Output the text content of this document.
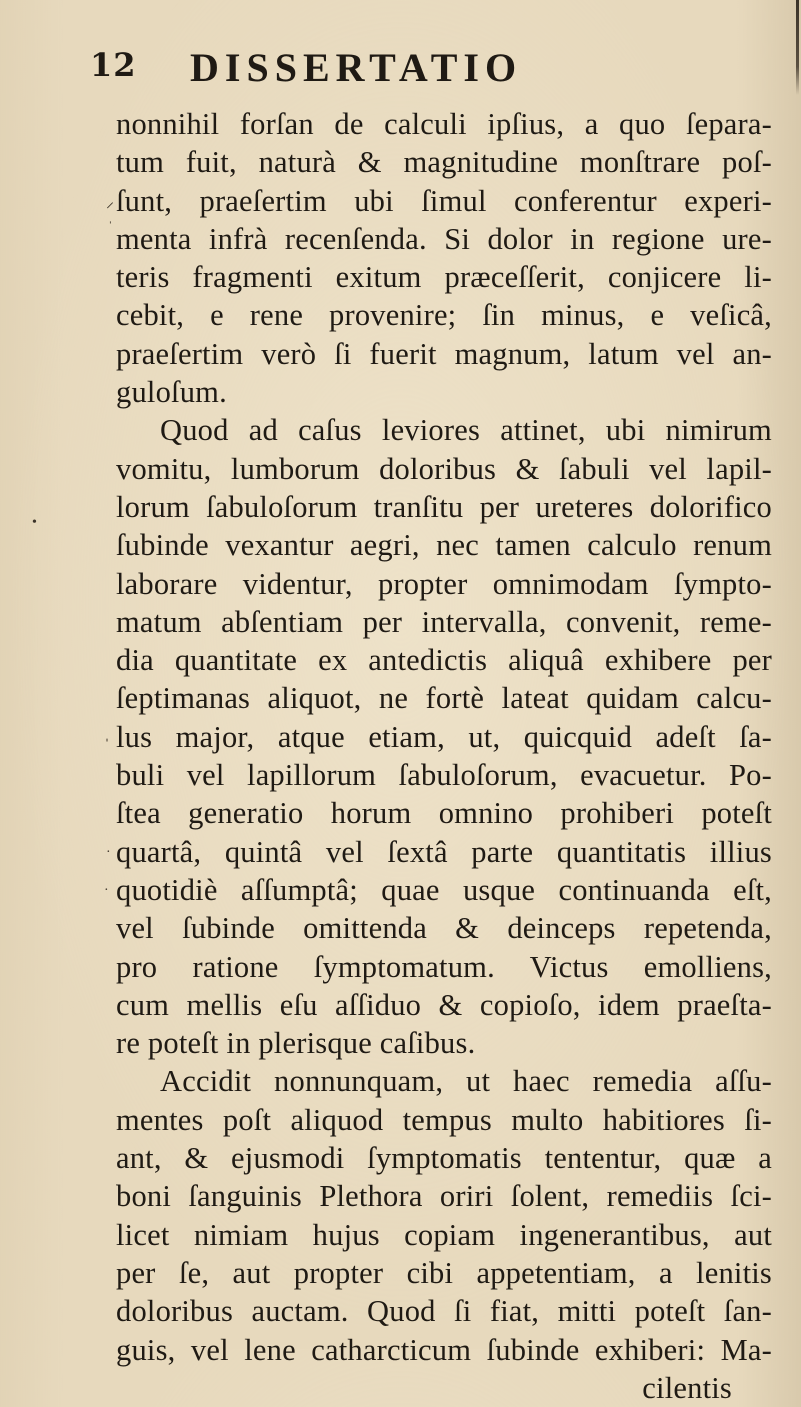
12 DISSERTATIO
⸝
ˈ
ˈ
·
·
•
nonnihil forſan de calculi ipſius, a quo ſepara-
tum fuit, naturà & magnitudine monſtrare poſ-
ſunt, praeſertim ubi ſimul conferentur experi-
menta infrà recenſenda. Si dolor in regione ure-
teris fragmenti exitum præceſſerit, conjicere li-
cebit, e rene provenire; ſin minus, e veſicâ,
praeſertim verò ſi fuerit magnum, latum vel an-
guloſum.
Quod ad caſus leviores attinet, ubi nimirum
vomitu, lumborum doloribus & ſabuli vel lapil-
lorum ſabuloſorum tranſitu per ureteres dolorifico
ſubinde vexantur aegri, nec tamen calculo renum
laborare videntur, propter omnimodam ſympto-
matum abſentiam per intervalla, convenit, reme-
dia quantitate ex antedictis aliquâ exhibere per
ſeptimanas aliquot, ne fortè lateat quidam calcu-
lus major, atque etiam, ut, quicquid adeſt ſa-
buli vel lapillorum ſabuloſorum, evacuetur. Po-
ſtea generatio horum omnino prohiberi poteſt
quartâ, quintâ vel ſextâ parte quantitatis illius
quotidiè aſſumptâ; quae usque continuanda eſt,
vel ſubinde omittenda & deinceps repetenda,
pro ratione ſymptomatum. Victus emolliens,
cum mellis eſu aſſiduo & copioſo, idem praeſta-
re poteſt in plerisque caſibus.
Accidit nonnunquam, ut haec remedia aſſu-
mentes poſt aliquod tempus multo habitiores ſi-
ant, & ejusmodi ſymptomatis tententur, quæ a
boni ſanguinis Plethora oriri ſolent, remediis ſci-
licet nimiam hujus copiam ingenerantibus, aut
per ſe, aut propter cibi appetentiam, a lenitis
doloribus auctam. Quod ſi fiat, mitti poteſt ſan-
guis, vel lene catharcticum ſubinde exhiberi: Ma-
cilentis
